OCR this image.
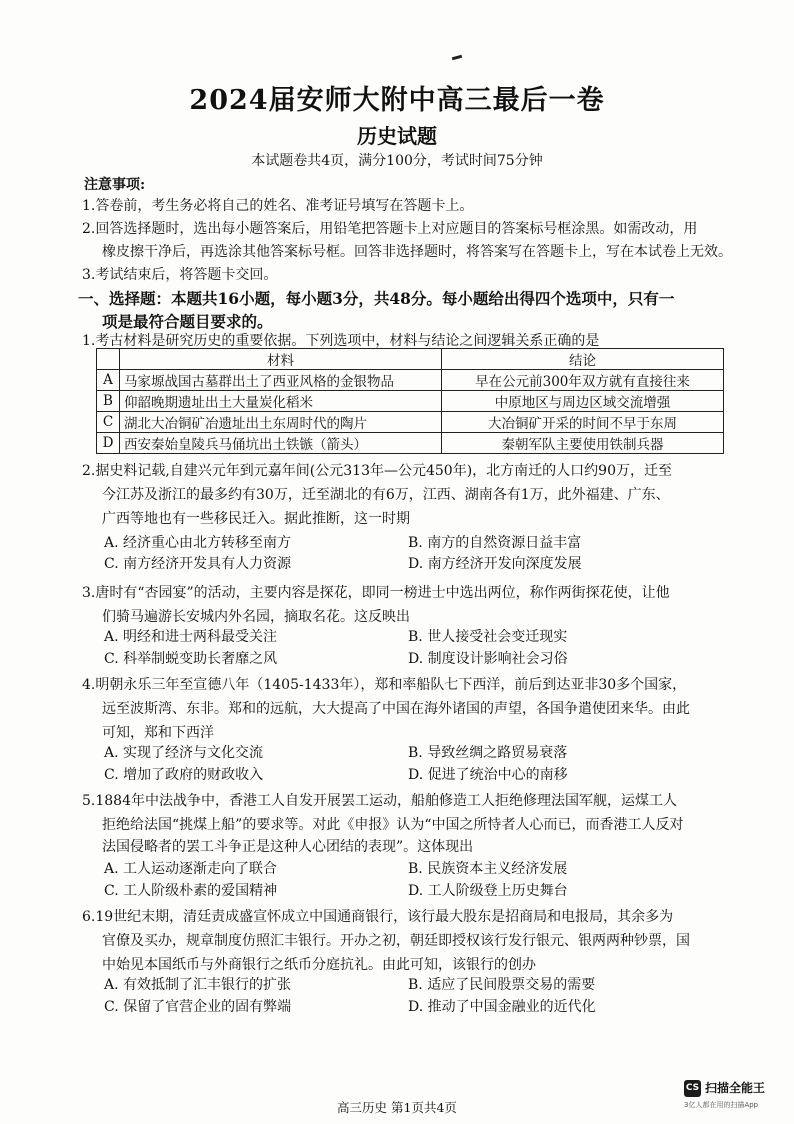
2024届安师大附中高三最后一卷
历史试题
本试题卷共4页，满分100分，考试时间75分钟
注意事项:
1.答卷前，考生务必将自己的姓名、准考证号填写在答题卡上。
2.回答选择题时，选出每小题答案后，用铅笔把答题卡上对应题目的答案标号框涂黑。如需改动，用
橡皮擦干净后，再选涂其他答案标号框。回答非选择题时，将答案写在答题卡上，写在本试卷上无效。
3.考试结束后，将答题卡交回。
一、选择题：本题共16小题，每小题3分，共48分。每小题给出得四个选项中，只有一
项是最符合题目要求的。
1.考古材料是研究历史的重要依据。下列选项中，材料与结论之间逻辑关系正确的是
	材料	结论
A	马家塬战国古墓群出土了西亚风格的金银物品	早在公元前300年双方就有直接往来
B	仰韶晚期遗址出土大量炭化稻米	中原地区与周边区域交流增强
C	湖北大冶铜矿冶遗址出土东周时代的陶片	大冶铜矿开采的时间不早于东周
D	西安秦始皇陵兵马俑坑出土铁镞（箭头）	秦朝军队主要使用铁制兵器
2.据史料记载,自建兴元年到元嘉年间(公元313年—公元450年)，北方南迁的人口约90万，迁至
今江苏及浙江的最多约有30万，迁至湖北的有6万，江西、湖南各有1万，此外福建、广东、
广西等地也有一些移民迁入。据此推断，这一时期
A. 经济重心由北方转移至南方	B. 南方的自然资源日益丰富
C. 南方经济开发具有人力资源	D. 南方经济开发向深度发展
3.唐时有“杏园宴”的活动，主要内容是探花，即同一榜进士中选出两位，称作两街探花使，让他
们骑马遍游长安城内外名园，摘取名花。这反映出
A. 明经和进士两科最受关注	B. 世人接受社会变迁现实
C. 科举制蜕变助长奢靡之风	D. 制度设计影响社会习俗
4.明朝永乐三年至宣德八年（1405-1433年），郑和率船队七下西洋，前后到达亚非30多个国家，
远至波斯湾、东非。郑和的远航，大大提高了中国在海外诸国的声望，各国争遣使团来华。由此
可知，郑和下西洋
A. 实现了经济与文化交流	B. 导致丝绸之路贸易衰落
C. 增加了政府的财政收入	D. 促进了统治中心的南移
5.1884年中法战争中，香港工人自发开展罢工运动，船舶修造工人拒绝修理法国军舰，运煤工人
拒绝给法国“挑煤上船”的要求等。对此《申报》认为“中国之所恃者人心而已，而香港工人反对
法国侵略者的罢工斗争正是这种人心团结的表现”。这体现出
A. 工人运动逐渐走向了联合	B. 民族资本主义经济发展
C. 工人阶级朴素的爱国精神	D. 工人阶级登上历史舞台
6.19世纪末期，清廷责成盛宣怀成立中国通商银行，该行最大股东是招商局和电报局，其余多为
官僚及买办，规章制度仿照汇丰银行。开办之初，朝廷即授权该行发行银元、银两两种钞票，国
中始见本国纸币与外商银行之纸币分庭抗礼。由此可知，该银行的创办
A. 有效抵制了汇丰银行的扩张	B. 适应了民间股票交易的需要
C. 保留了官营企业的固有弊端	D. 推动了中国金融业的近代化
高三历史 第1页共4页
CS 扫描全能王
3亿人都在用的扫描App
